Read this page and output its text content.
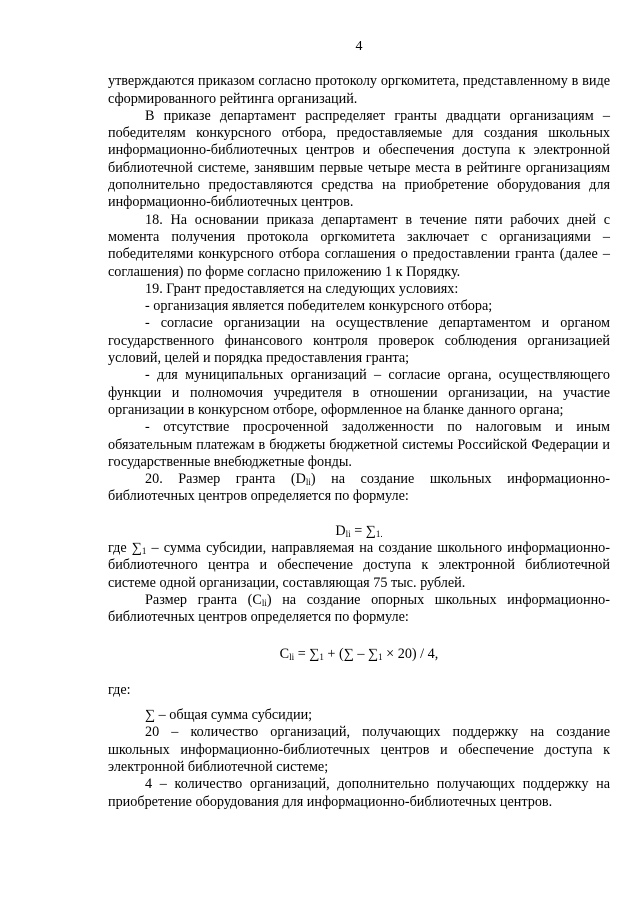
4

утверждаются приказом согласно протоколу оргкомитета, представленному в виде сформированного рейтинга организаций.

В приказе департамент распределяет гранты двадцати организациям – победителям конкурсного отбора, предоставляемые для создания школьных информационно-библиотечных центров и обеспечения доступа к электронной библиотечной системе, занявшим первые четыре места в рейтинге организациям дополнительно предоставляются средства на приобретение оборудования для информационно-библиотечных центров.

18. На основании приказа департамент в течение пяти рабочих дней с момента получения протокола оргкомитета заключает с организациями – победителями конкурсного отбора соглашения о предоставлении гранта (далее – соглашения) по форме согласно приложению 1 к Порядку.

19. Грант предоставляется на следующих условиях:

- организация является победителем конкурсного отбора;

- согласие организации на осуществление департаментом и органом государственного финансового контроля проверок соблюдения организацией условий, целей и порядка предоставления гранта;

- для муниципальных организаций – согласие органа, осуществляющего функции и полномочия учредителя в отношении организации, на участие организации в конкурсном отборе, оформленное на бланке данного органа;

- отсутствие просроченной задолженности по налоговым и иным обязательным платежам в бюджеты бюджетной системы Российской Федерации и государственные внебюджетные фонды.

20. Размер гранта $(D_{li})$ на создание школьных информационно-библиотечных центров определяется по формуле:

$D_{li} = \sum_{1.}$

где $\sum_1$ – сумма субсидии, направляемая на создание школьного информационно-библиотечного центра и обеспечение доступа к электронной библиотечной системе одной организации, составляющая 75 тыс. рублей.

Размер гранта $(C_{li})$ на создание опорных школьных информационно-библиотечных центров определяется по формуле:

$C_{li} = \sum_1$ + (∑ – $\sum_1 \times 20) / 4$,

где:

∑ – общая сумма субсидии;

20 – количество организаций, получающих поддержку на создание школьных информационно-библиотечных центров и обеспечение доступа к электронной библиотечной системе;

4 – количество организаций, дополнительно получающих поддержку на приобретение оборудования для информационно-библиотечных центров.
